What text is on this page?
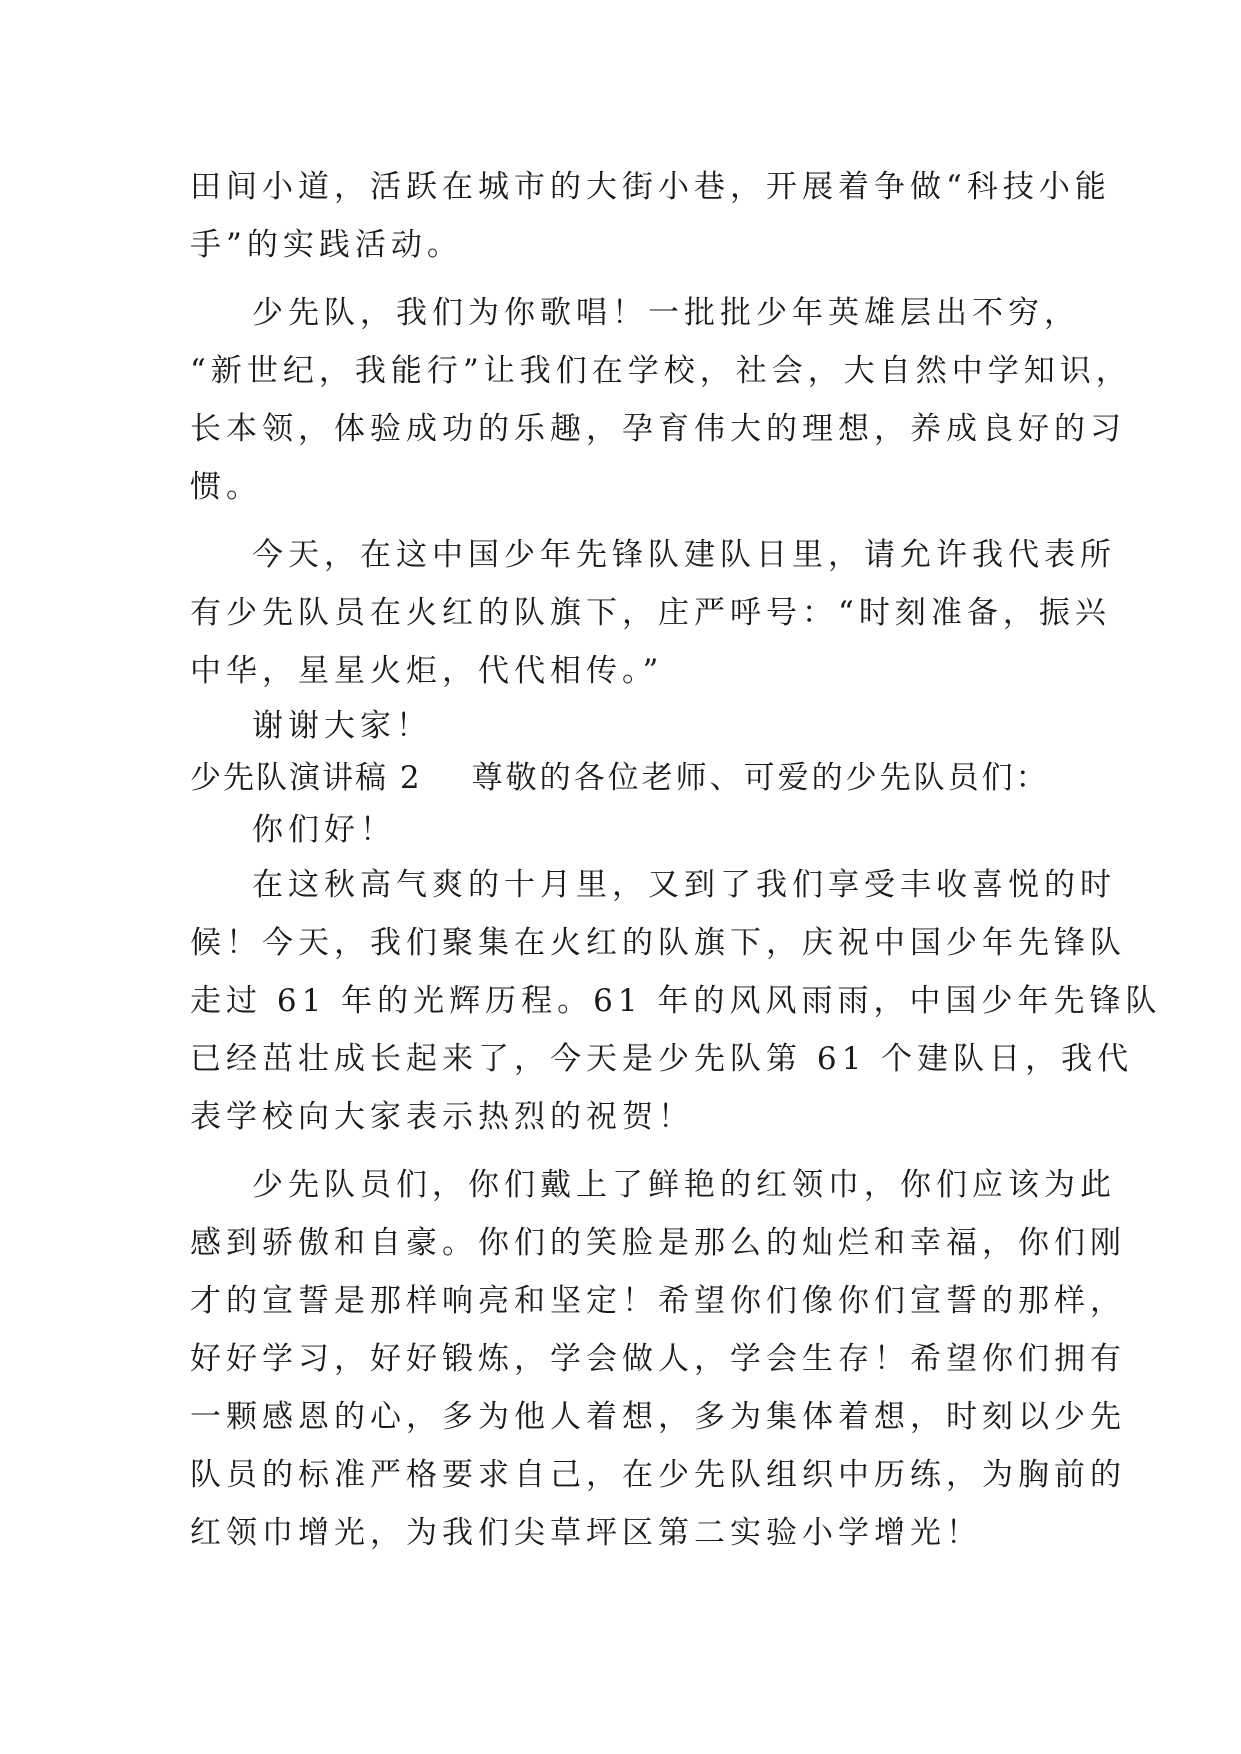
田间小道，活跃在城市的大街小巷，开展着争做“科技小能
手”的实践活动。
少先队，我们为你歌唱！一批批少年英雄层出不穷，
“新世纪，我能行”让我们在学校，社会，大自然中学知识，
长本领，体验成功的乐趣，孕育伟大的理想，养成良好的习
惯。
今天，在这中国少年先锋队建队日里，请允许我代表所
有少先队员在火红的队旗下，庄严呼号：“时刻准备，振兴
中华，星星火炬，代代相传。”
谢谢大家！
少先队演讲稿 2 尊敬的各位老师、可爱的少先队员们：
你们好！
在这秋高气爽的十月里，又到了我们享受丰收喜悦的时
候！今天，我们聚集在火红的队旗下，庆祝中国少年先锋队
走过 61 年的光辉历程。61 年的风风雨雨，中国少年先锋队
已经茁壮成长起来了，今天是少先队第 61 个建队日，我代
表学校向大家表示热烈的祝贺！
少先队员们，你们戴上了鲜艳的红领巾，你们应该为此
感到骄傲和自豪。你们的笑脸是那么的灿烂和幸福，你们刚
才的宣誓是那样响亮和坚定！希望你们像你们宣誓的那样，
好好学习，好好锻炼，学会做人，学会生存！希望你们拥有
一颗感恩的心，多为他人着想，多为集体着想，时刻以少先
队员的标准严格要求自己，在少先队组织中历练，为胸前的
红领巾增光，为我们尖草坪区第二实验小学增光！
